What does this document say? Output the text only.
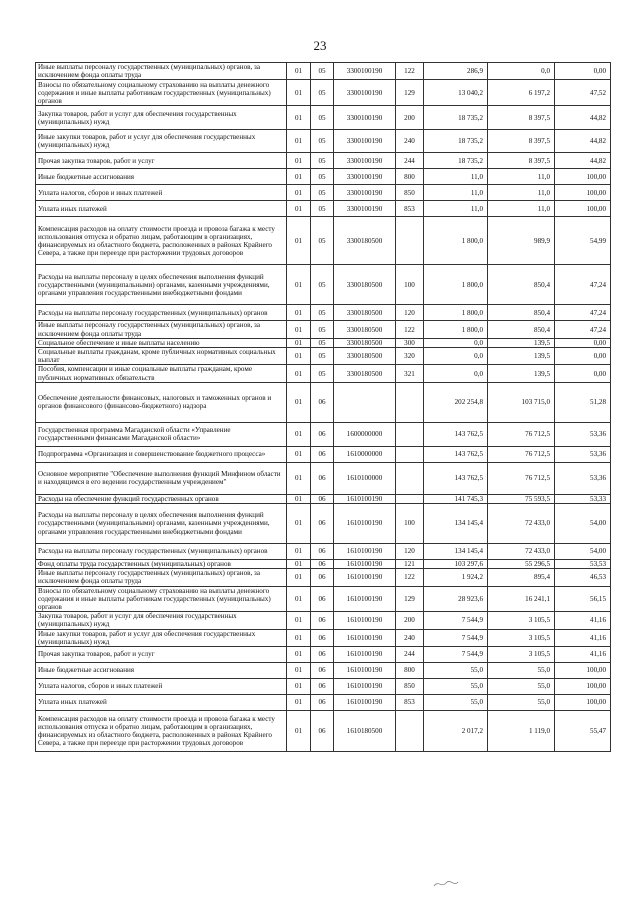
23
Иные выплаты персоналу государственных (муниципальных) органов, за исключением фонда оплаты труда	01	05	3300100190	122	286,9	0,0	0,00
Взносы по обязательному социальному страхованию на выплаты денежного содержания и иные выплаты работникам государственных (муниципальных) органов	01	05	3300100190	129	13 040,2	6 197,2	47,52
Закупка товаров, работ и услуг для обеспечения государственных (муниципальных) нужд	01	05	3300100190	200	18 735,2	8 397,5	44,82
Иные закупки товаров, работ и услуг для обеспечения государственных (муниципальных) нужд	01	05	3300100190	240	18 735,2	8 397,5	44,82
Прочая закупка товаров, работ и услуг	01	05	3300100190	244	18 735,2	8 397,5	44,82
Иные бюджетные ассигнования	01	05	3300100190	800	11,0	11,0	100,00
Уплата налогов, сборов и иных платежей	01	05	3300100190	850	11,0	11,0	100,00
Уплата иных платежей	01	05	3300100190	853	11,0	11,0	100,00
Компенсация расходов на оплату стоимости проезда и провоза багажа к месту использования отпуска и обратно лицам, работающим в организациях, финансируемых из областного бюджета, расположенных в районах Крайнего Севера, а также при переезде при расторжении трудовых договоров	01	05	3300180500		1 800,0	989,9	54,99
Расходы на выплаты персоналу в целях обеспечения выполнения функций государственными (муниципальными) органами, казенными учреждениями, органами управления государственными внебюджетными фондами	01	05	3300180500	100	1 800,0	850,4	47,24
Расходы на выплаты персоналу государственных (муниципальных) органов	01	05	3300180500	120	1 800,0	850,4	47,24
Иные выплаты персоналу государственных (муниципальных) органов, за исключением фонда оплаты труда	01	05	3300180500	122	1 800,0	850,4	47,24
Социальное обеспечение и иные выплаты населению	01	05	3300180500	300	0,0	139,5	0,00
Социальные выплаты гражданам, кроме публичных нормативных социальных выплат	01	05	3300180500	320	0,0	139,5	0,00
Пособия, компенсации и иные социальные выплаты гражданам, кроме публичных нормативных обязательств	01	05	3300180500	321	0,0	139,5	0,00
Обеспечение деятельности финансовых, налоговых и таможенных органов и органов финансового (финансово-бюджетного) надзора	01	06			202 254,8	103 715,0	51,28
Государственная программа Магаданской области «Управление государственными финансами Магаданской области»	01	06	1600000000		143 762,5	76 712,5	53,36
Подпрограмма «Организация и совершенствование бюджетного процесса»	01	06	1610000000		143 762,5	76 712,5	53,36
Основное мероприятие "Обеспечение выполнения функций Минфином области и находящимся в его ведении государственным учреждением"	01	06	1610100000		143 762,5	76 712,5	53,36
Расходы на обеспечение функций государственных органов	01	06	1610100190		141 745,3	75 593,5	53,33
Расходы на выплаты персоналу в целях обеспечения выполнения функций государственными (муниципальными) органами, казенными учреждениями, органами управления государственными внебюджетными фондами	01	06	1610100190	100	134 145,4	72 433,0	54,00
Расходы на выплаты персоналу государственных (муниципальных) органов	01	06	1610100190	120	134 145,4	72 433,0	54,00
Фонд оплаты труда государственных (муниципальных) органов	01	06	1610100190	121	103 297,6	55 296,5	53,53
Иные выплаты персоналу государственных (муниципальных) органов, за исключением фонда оплаты труда	01	06	1610100190	122	1 924,2	895,4	46,53
Взносы по обязательному социальному страхованию на выплаты денежного содержания и иные выплаты работникам государственных (муниципальных) органов	01	06	1610100190	129	28 923,6	16 241,1	56,15
Закупка товаров, работ и услуг для обеспечения государственных (муниципальных) нужд	01	06	1610100190	200	7 544,9	3 105,5	41,16
Иные закупки товаров, работ и услуг для обеспечения государственных (муниципальных) нужд	01	06	1610100190	240	7 544,9	3 105,5	41,16
Прочая закупка товаров, работ и услуг	01	06	1610100190	244	7 544,9	3 105,5	41,16
Иные бюджетные ассигнования	01	06	1610100190	800	55,0	55,0	100,00
Уплата налогов, сборов и иных платежей	01	06	1610100190	850	55,0	55,0	100,00
Уплата иных платежей	01	06	1610100190	853	55,0	55,0	100,00
Компенсация расходов на оплату стоимости проезда и провоза багажа к месту использования отпуска и обратно лицам, работающим в организациях, финансируемых из областного бюджета, расположенных в районах Крайнего Севера, а также при переезде при расторжении трудовых договоров	01	06	1610180500		2 017,2	1 119,0	55,47
